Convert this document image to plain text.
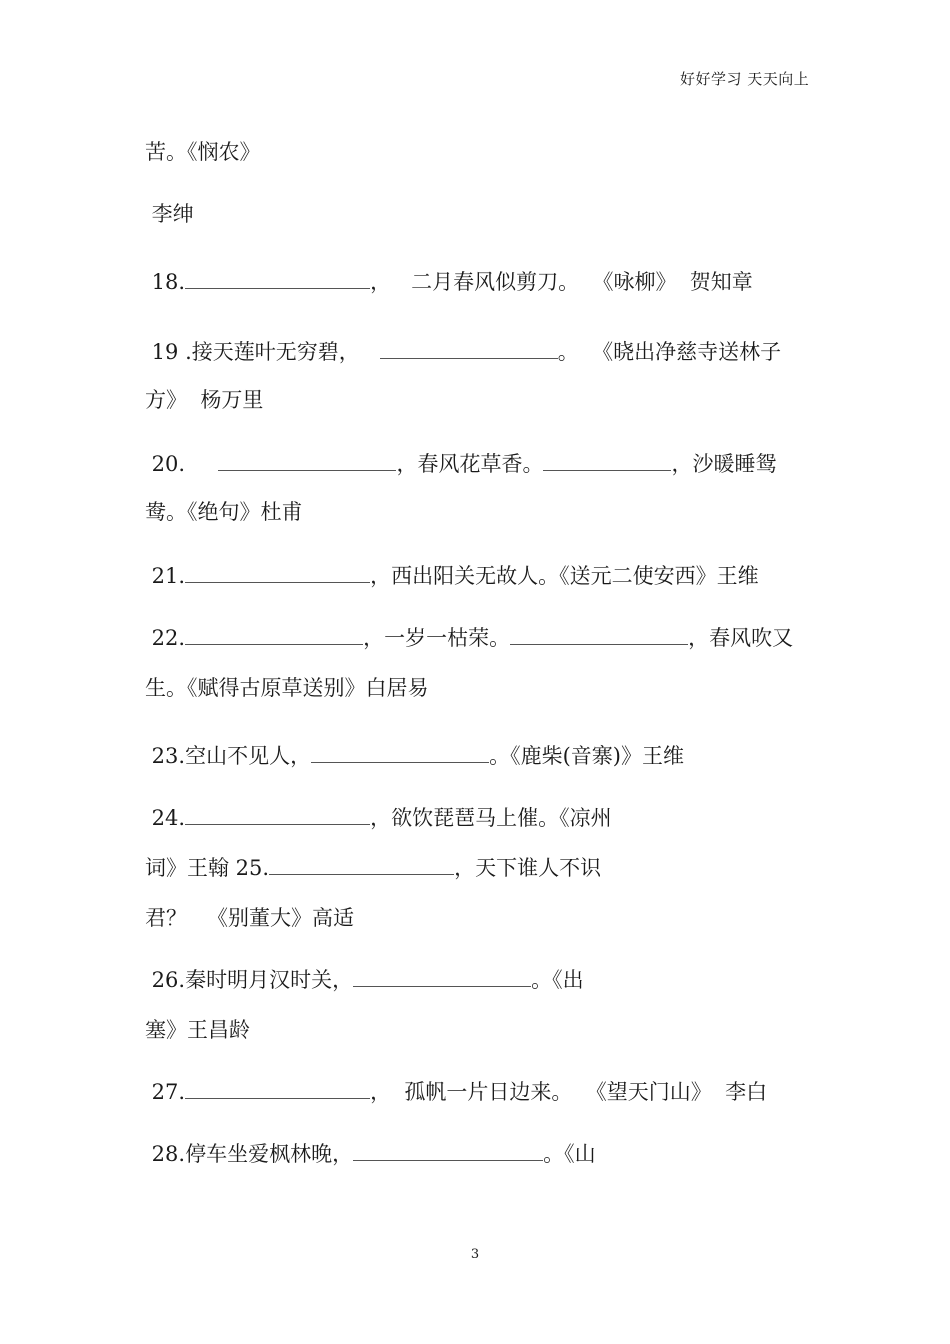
好好学习 天天向上
苦。《悯农》
李绅
18.	，   二月春风似剪刀。  《咏柳》  贺知章
19 .接天莲叶无穷碧，	。  《晓出净慈寺送林子
方》  杨万里
20.	，春风花草香。	，沙暖睡鸳
鸯。《绝句》杜甫
21.	，西出阳关无故人。《送元二使安西》王维
22.	，一岁一枯荣。	，春风吹又
生。《赋得古原草送别》白居易
23.空山不见人，	。《鹿柴(音寨)》王维
24.	，欲饮琵琶马上催。《凉州
词》王翰 25.	，天下谁人不识
君？   《别董大》高适
26.秦时明月汉时关，	。《出
塞》王昌龄
27.	，  孤帆一片日边来。  《望天门山》  李白
28.停车坐爱枫林晚，	。《山
3
